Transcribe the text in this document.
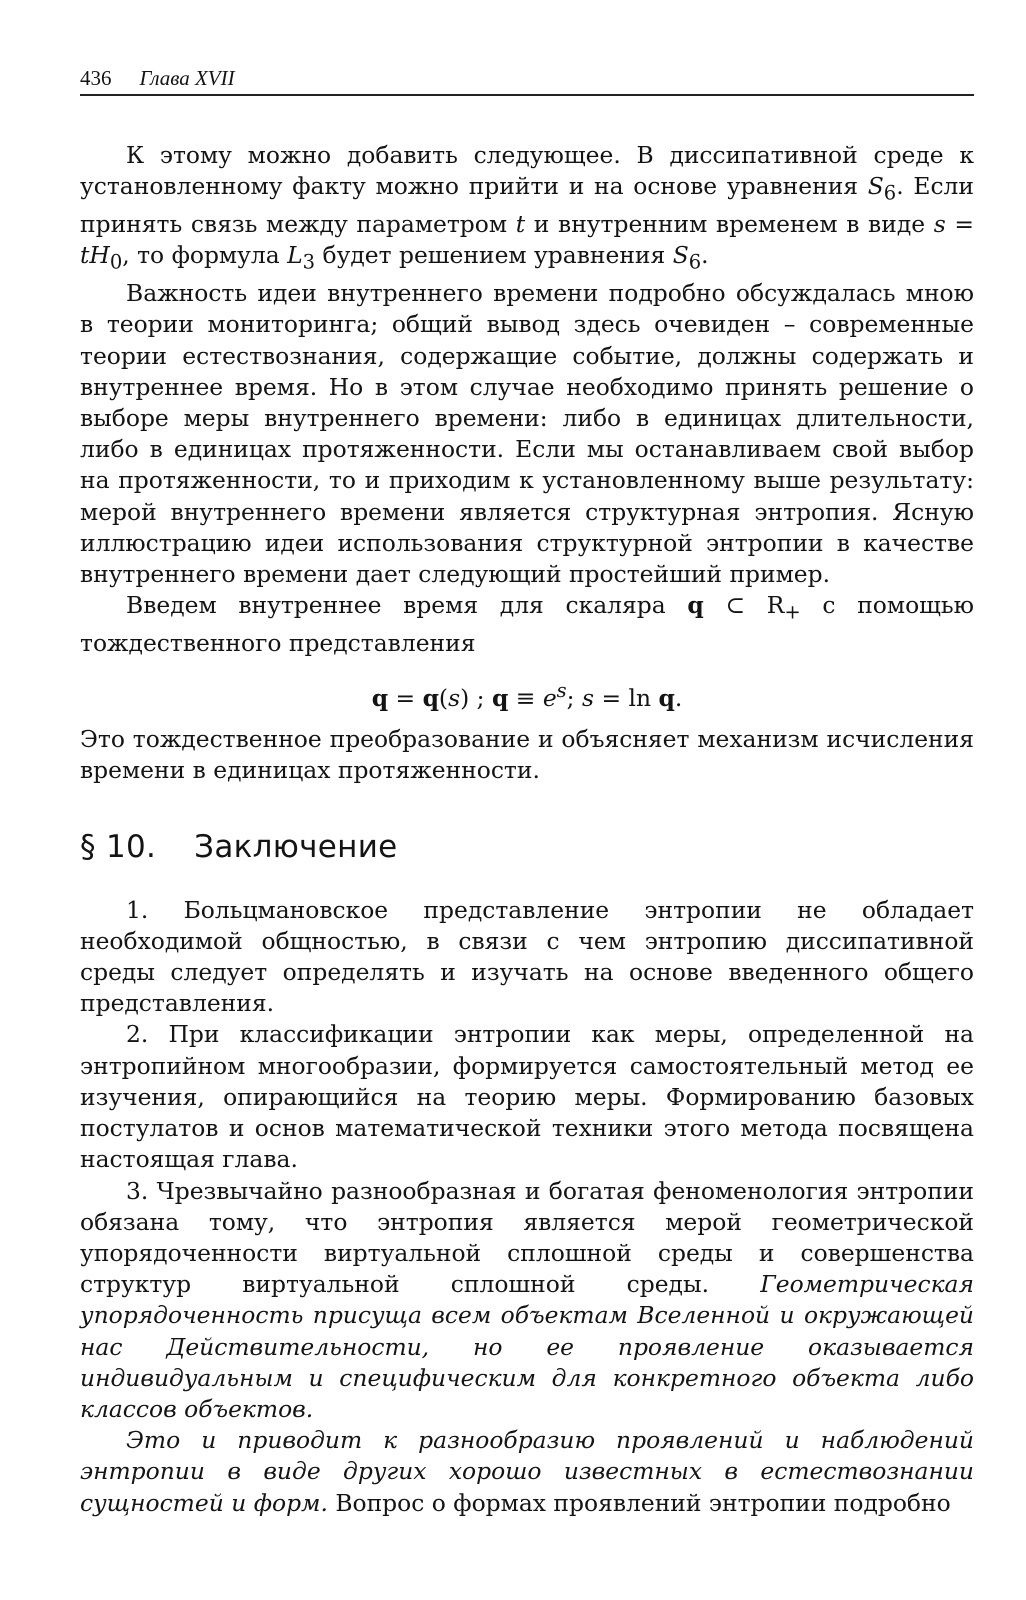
436 Глава XVII

К этому можно добавить следующее. В диссипативной среде к установленному факту можно прийти и на основе уравнения $S_6$. Если принять связь между параметром t и внутренним временем в виде $s = tH_0$, то формула $L_3$ будет решением уравнения $S_6$.

Важность идеи внутреннего времени подробно обсуждалась мною в теории мониторинга; общий вывод здесь очевиден – современные теории естествознания, содержащие событие, должны содержать и внутреннее время. Но в этом случае необходимо принять решение о выборе меры внутреннего времени: либо в единицах длительности, либо в единицах протяженности. Если мы останавливаем свой выбор на протяженности, то и приходим к установленному выше результату: мерой внутреннего времени является структурная энтропия. Ясную иллюстрацию идеи использования структурной энтропии в качестве внутреннего времени дает следующий простейший пример.

Введем внутреннее время для скаляра q ⊂ $R_+$ с помощью тождественного представления

q = q(s) ; $q \equiv e^s$; s = ln q.

Это тождественное преобразование и объясняет механизм исчисления времени в единицах протяженности.

§ 10. Заключение

1. Больцмановское представление энтропии не обладает необходимой общностью, в связи с чем энтропию диссипативной среды следует определять и изучать на основе введенного общего представления.

2. При классификации энтропии как меры, определенной на энтропийном многообразии, формируется самостоятельный метод ее изучения, опирающийся на теорию меры. Формированию базовых постулатов и основ математической техники этого метода посвящена настоящая глава.

3. Чрезвычайно разнообразная и богатая феноменология энтропии обязана тому, что энтропия является мерой геометрической упорядоченности виртуальной сплошной среды и совершенства структур виртуальной сплошной среды. Геометрическая упорядоченность присуща всем объектам Вселенной и окружающей нас Действительности, но ее проявление оказывается индивидуальным и специфическим для конкретного объекта либо классов объектов.

Это и приводит к разнообразию проявлений и наблюдений энтропии в виде других хорошо известных в естествознании сущностей и форм. Вопрос о формах проявлений энтропии подробно
